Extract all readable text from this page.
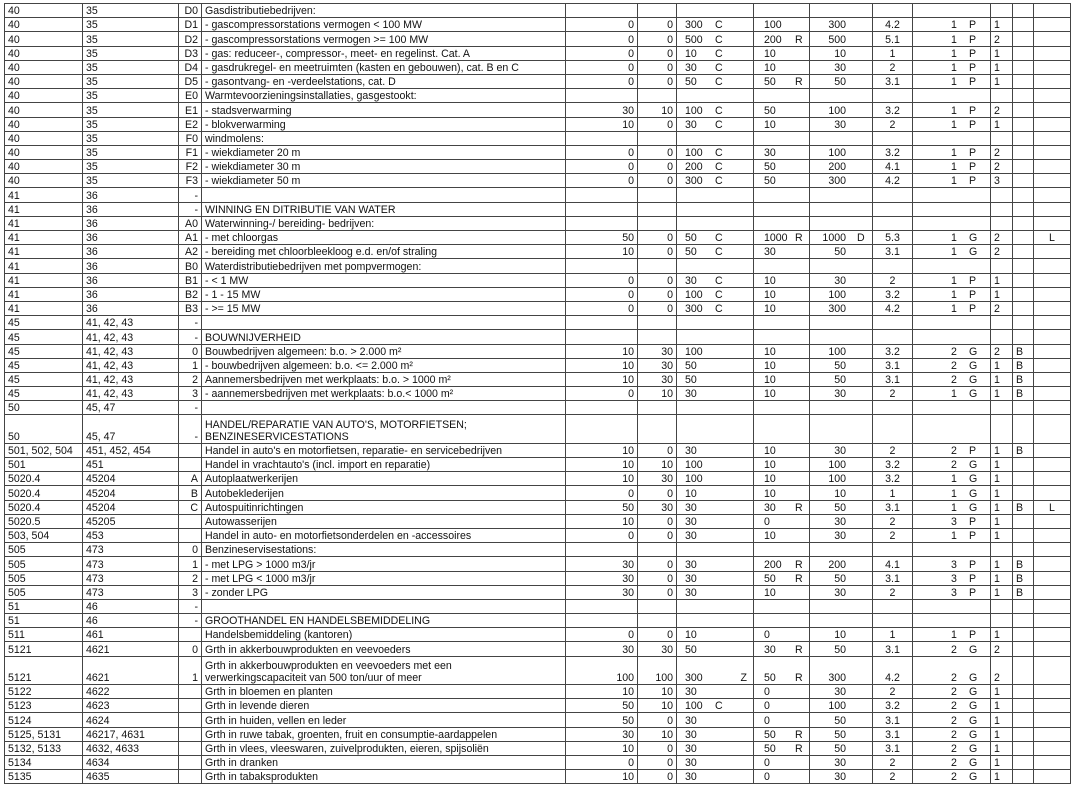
40	35	D0	Gasdistributiebedrijven:			

40	35	D1	- gascompressorstations vermogen < 100 MW	0	0	300 C	100	300	4.2	1 P	1		
40	35	D2	- gascompressorstations vermogen >= 100 MW	0	0	500 C	200 R	500	5.1	1 P	2		
40	35	D3	- gas: reduceer-, compressor-, meet- en regelinst. Cat. A	0	0	10 C	10	10	1	1 P	1		
40	35	D4	- gasdrukregel- en meetruimten (kasten en gebouwen), cat. B en C	0	0	30 C	10	30	2	1 P	1		
40	35	D5	- gasontvang- en -verdeelstations, cat. D	0	0	50 C	50 R	50	3.1	1 P	1		
40	35	E0	Warmtevoorzieningsinstallaties, gasgestookt:			

40	35	E1	- stadsverwarming	30	10	100 C	50	100	3.2	1 P	2		
40	35	E2	- blokverwarming	10	0	30 C	10	30	2	1 P	1		
40	35	F0	windmolens:			

40	35	F1	- wiekdiameter 20 m	0	0	100 C	30	100	3.2	1 P	2		
40	35	F2	- wiekdiameter 30 m	0	0	200 C	50	200	4.1	1 P	2		
40	35	F3	- wiekdiameter 50 m	0	0	300 C	50	300	4.2	1 P	3		
41	36	-				

41	36	-	WINNING EN DITRIBUTIE VAN WATER			

41	36	A0	Waterwinning-/ bereiding- bedrijven:			

41	36	A1	- met chloorgas	50	0	50 C	1000 R	1000 D	5.3	1 G	2		L
41	36	A2	- bereiding met chloorbleekloog e.d. en/of straling	10	0	50 C	30	50	3.1	1 G	2		
41	36	B0	Waterdistributiebedrijven met pompvermogen:			

41	36	B1	- < 1 MW	0	0	30 C	10	30	2	1 P	1		
41	36	B2	- 1 - 15 MW	0	0	100 C	10	100	3.2	1 P	1		
41	36	B3	- >= 15 MW	0	0	300 C	10	300	4.2	1 P	2		
45	41, 42, 43	-				

45	41, 42, 43	-	BOUWNIJVERHEID			

45	41, 42, 43	0	Bouwbedrijven algemeen: b.o. > 2.000 m²	10	30	100	10	100	3.2	2 G	2	B	
45	41, 42, 43	1	- bouwbedrijven algemeen: b.o. <= 2.000 m²	10	30	50	10	50	3.1	2 G	1	B	
45	41, 42, 43	2	Aannemersbedrijven met werkplaats: b.o. > 1000 m²	10	30	50	10	50	3.1	2 G	1	B	
45	41, 42, 43	3	- aannemersbedrijven met werkplaats: b.o.< 1000 m²	0	10	30	10	30	2	1 G	1	B	
50	45, 47	-				

50	45, 47	-	HANDEL/REPARATIE VAN AUTO'S, MOTORFIETSEN;
BENZINESERVICESTATIONS			

501, 502, 504	451, 452, 454		Handel in auto's en motorfietsen, reparatie- en servicebedrijven	10	0	30	10	30	2	2 P	1	B	
501	451		Handel in vrachtauto's (incl. import en reparatie)	10	10	100	10	100	3.2	2 G	1		
5020.4	45204	A	Autoplaatwerkerijen	10	30	100	10	100	3.2	1 G	1		
5020.4	45204	B	Autobeklederijen	0	0	10	10	10	1	1 G	1		
5020.4	45204	C	Autospuitinrichtingen	50	30	30	30 R	50	3.1	1 G	1	B	L
5020.5	45205		Autowasserijen	10	0	30	0	30	2	3 P	1		
503, 504	453		Handel in auto- en motorfietsonderdelen en -accessoires	0	0	30	10	30	2	1 P	1		
505	473	0	Benzineservisestations:			

505	473	1	- met LPG > 1000 m3/jr	30	0	30	200 R	200	4.1	3 P	1	B	
505	473	2	- met LPG < 1000 m3/jr	30	0	30	50 R	50	3.1	3 P	1	B	
505	473	3	- zonder LPG	30	0	30	10	30	2	3 P	1	B	
51	46	-				

51	46	-	GROOTHANDEL EN HANDELSBEMIDDELING			

511	461		Handelsbemiddeling (kantoren)	0	0	10	0	10	1	1 P	1		
5121	4621	0	Grth in akkerbouwprodukten en veevoeders	30	30	50	30 R	50	3.1	2 G	2		
5121	4621	1	Grth in akkerbouwprodukten en veevoeders met een
verwerkingscapaciteit van 500 ton/uur of meer	100	100	300 Z	50 R	300	4.2	2 G	2		
5122	4622		Grth in bloemen en planten	10	10	30	0	30	2	2 G	1		
5123	4623		Grth in levende dieren	50	10	100 C	0	100	3.2	2 G	1		
5124	4624		Grth in huiden, vellen en leder	50	0	30	0	50	3.1	2 G	1		
5125, 5131	46217, 4631		Grth in ruwe tabak, groenten, fruit en consumptie-aardappelen	30	10	30	50 R	50	3.1	2 G	1		
5132, 5133	4632, 4633		Grth in vlees, vleeswaren, zuivelprodukten, eieren, spijsoliën	10	0	30	50 R	50	3.1	2 G	1		
5134	4634		Grth in dranken	0	0	30	0	30	2	2 G	1		
5135	4635		Grth in tabaksprodukten	10	0	30	0	30	2	2 G	1		
